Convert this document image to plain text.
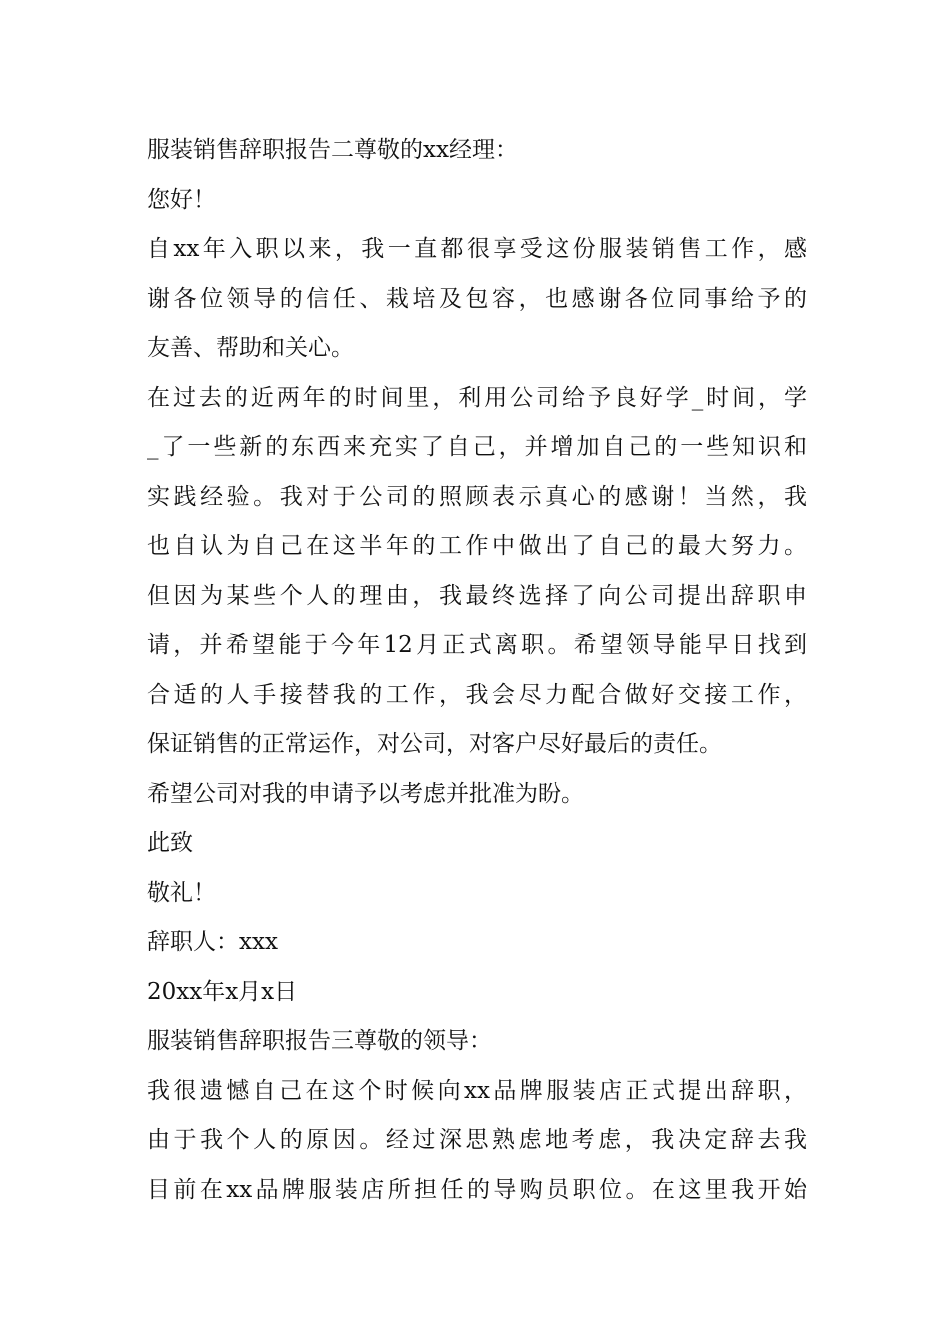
服装销售辞职报告二尊敬的xx经理：
您好！
自xx年入职以来，我一直都很享受这份服装销售工作，感
谢各位领导的信任、栽培及包容，也感谢各位同事给予的
友善、帮助和关心。
在过去的近两年的时间里，利用公司给予良好学_时间，学
_了一些新的东西来充实了自己，并增加自己的一些知识和
实践经验。我对于公司的照顾表示真心的感谢！当然，我
也自认为自己在这半年的工作中做出了自己的最大努力。
但因为某些个人的理由，我最终选择了向公司提出辞职申
请，并希望能于今年12月正式离职。希望领导能早日找到
合适的人手接替我的工作，我会尽力配合做好交接工作，
保证销售的正常运作，对公司，对客户尽好最后的责任。
希望公司对我的申请予以考虑并批准为盼。
此致
敬礼！
辞职人：xxx
20xx年x月x日
服装销售辞职报告三尊敬的领导：
我很遗憾自己在这个时候向xx品牌服装店正式提出辞职，
由于我个人的原因。经过深思熟虑地考虑，我决定辞去我
目前在xx品牌服装店所担任的导购员职位。在这里我开始
